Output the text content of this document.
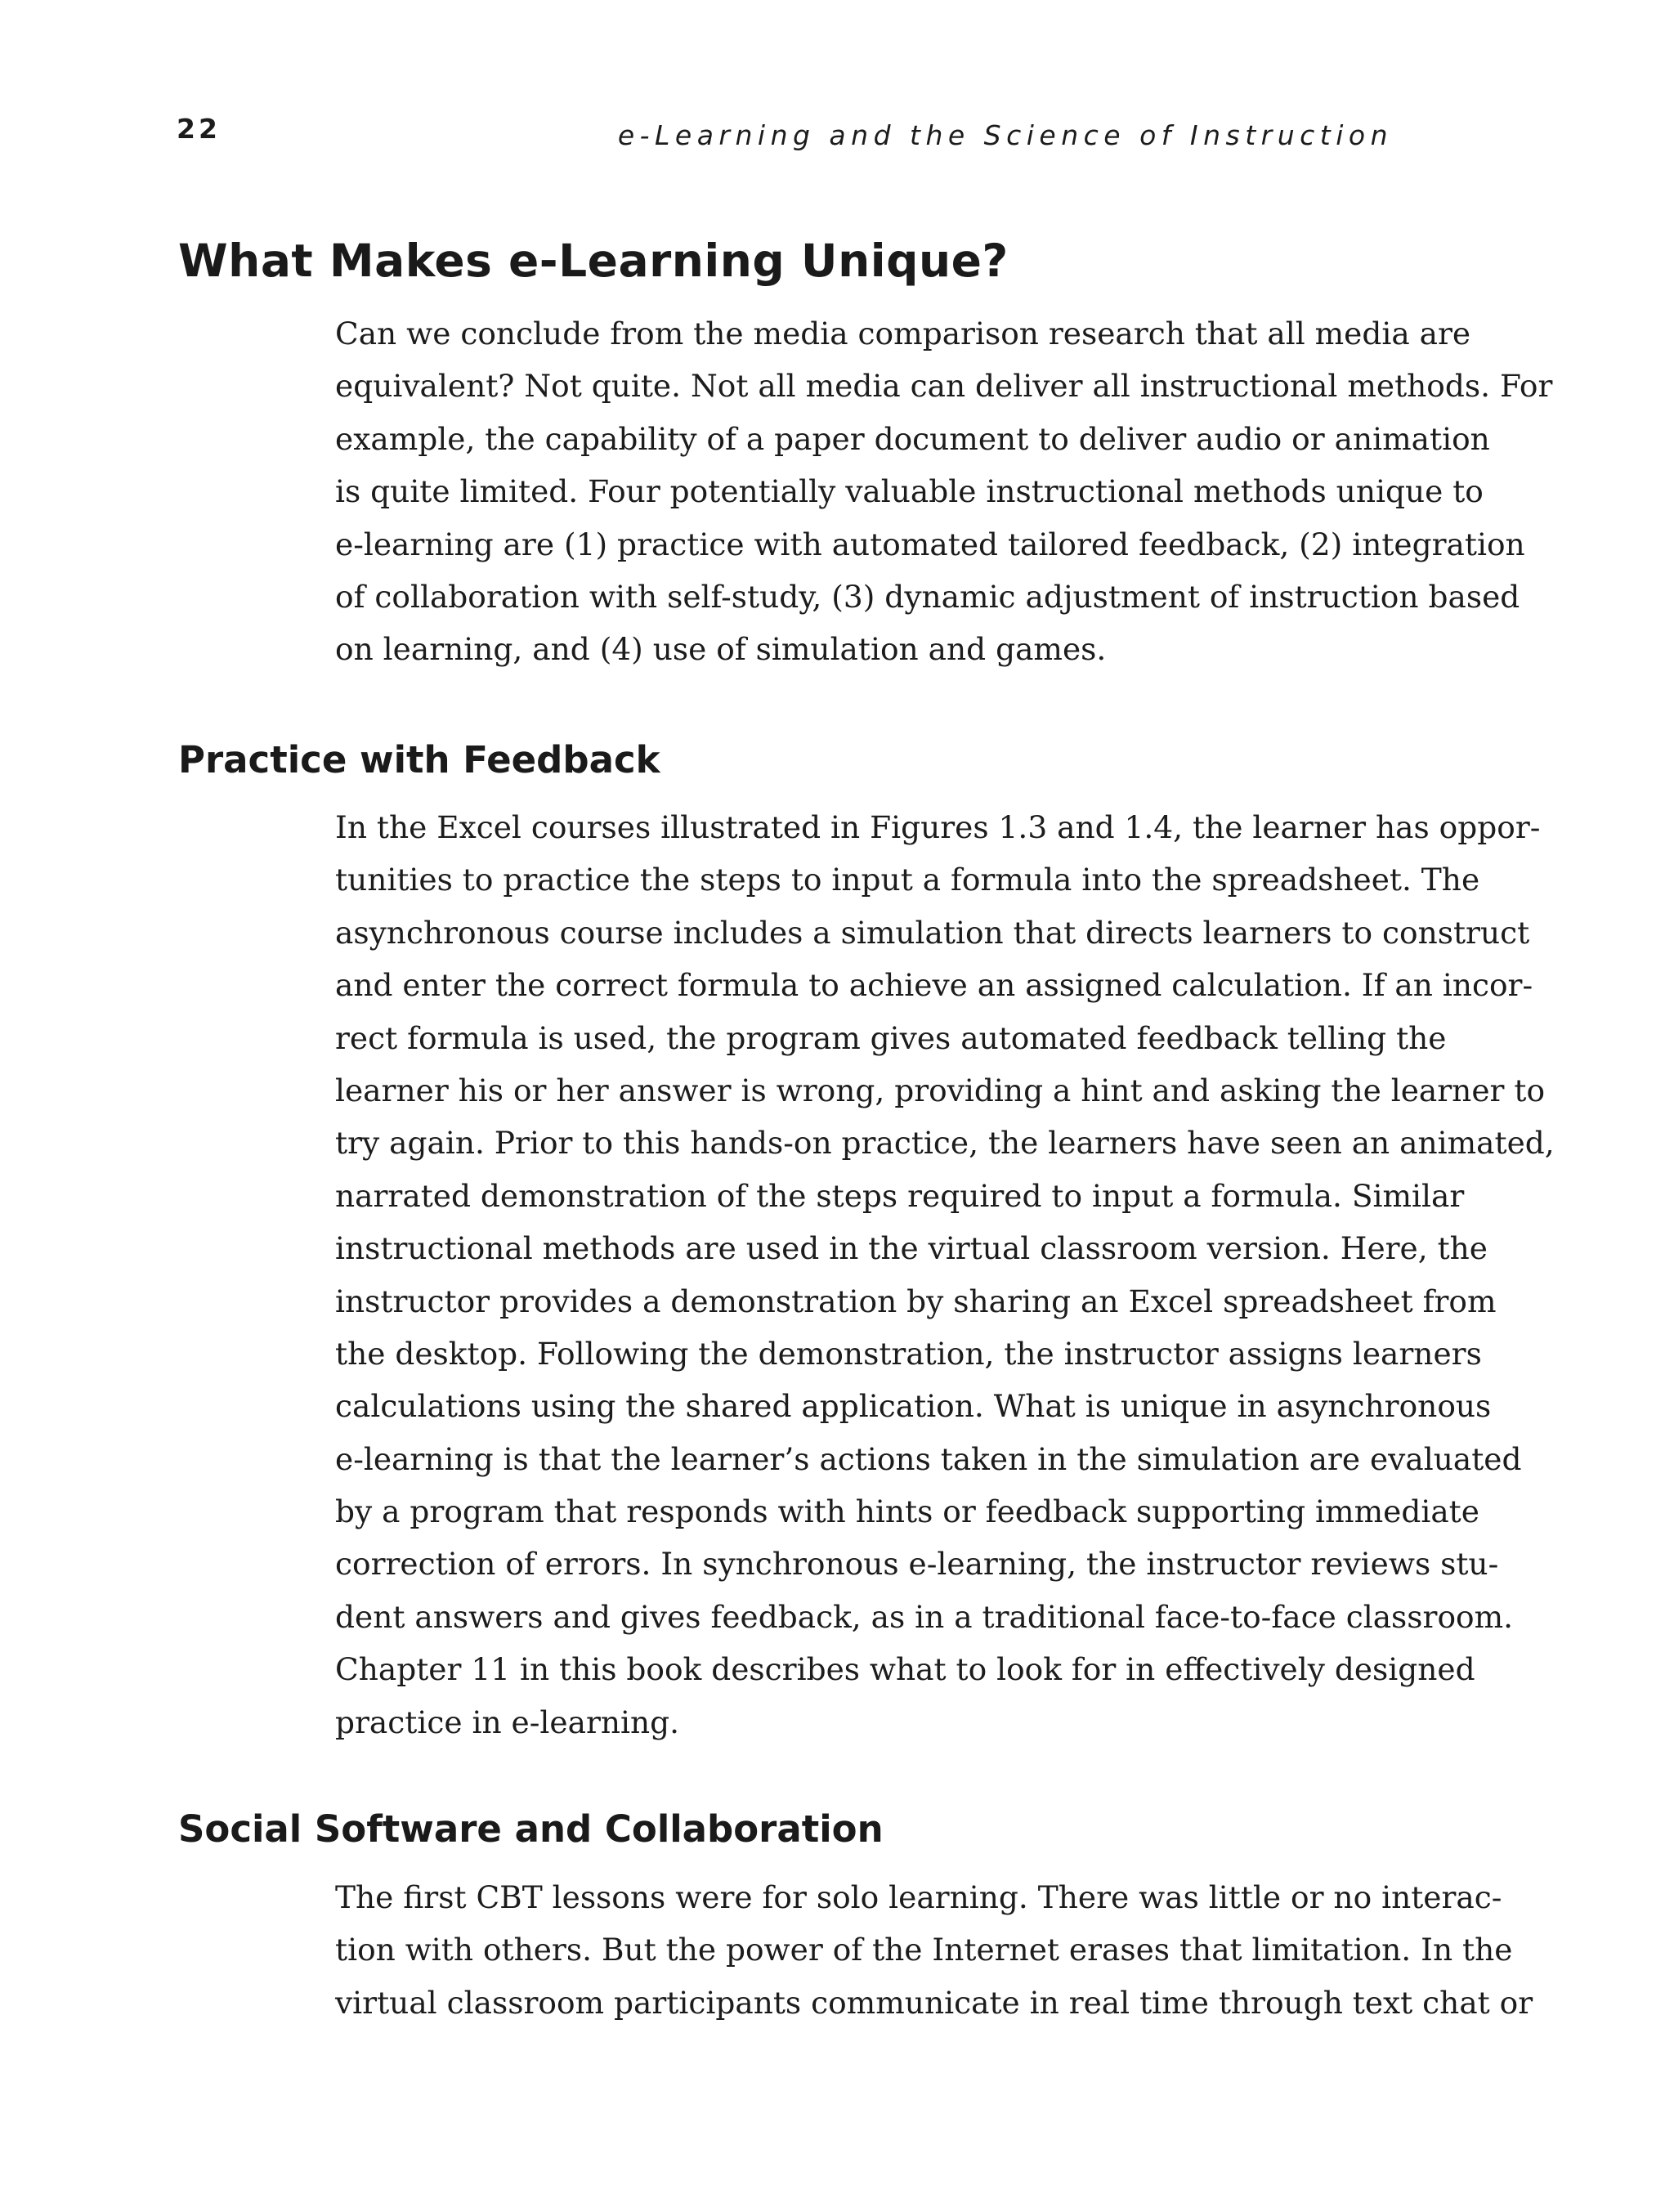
22	e-Learning and the Science of Instruction
What Makes e-Learning Unique?
Can we conclude from the media comparison research that all media are
equivalent? Not quite. Not all media can deliver all instructional methods. For
example, the capability of a paper document to deliver audio or animation
is quite limited. Four potentially valuable instructional methods unique to
e-learning are (1) practice with automated tailored feedback, (2) integration
of collaboration with self-study, (3) dynamic adjustment of instruction based
on learning, and (4) use of simulation and games.
Practice with Feedback
In the Excel courses illustrated in Figures 1.3 and 1.4, the learner has oppor-
tunities to practice the steps to input a formula into the spreadsheet. The
asynchronous course includes a simulation that directs learners to construct
and enter the correct formula to achieve an assigned calculation. If an incor-
rect formula is used, the program gives automated feedback telling the
learner his or her answer is wrong, providing a hint and asking the learner to
try again. Prior to this hands-on practice, the learners have seen an animated,
narrated demonstration of the steps required to input a formula. Similar
instructional methods are used in the virtual classroom version. Here, the
instructor provides a demonstration by sharing an Excel spreadsheet from
the desktop. Following the demonstration, the instructor assigns learners
calculations using the shared application. What is unique in asynchronous
e-learning is that the learner’s actions taken in the simulation are evaluated
by a program that responds with hints or feedback supporting immediate
correction of errors. In synchronous e-learning, the instructor reviews stu-
dent answers and gives feedback, as in a traditional face-to-face classroom.
Chapter 11 in this book describes what to look for in effectively designed
practice in e-learning.
Social Software and Collaboration
The first CBT lessons were for solo learning. There was little or no interac-
tion with others. But the power of the Internet erases that limitation. In the
virtual classroom participants communicate in real time through text chat or
